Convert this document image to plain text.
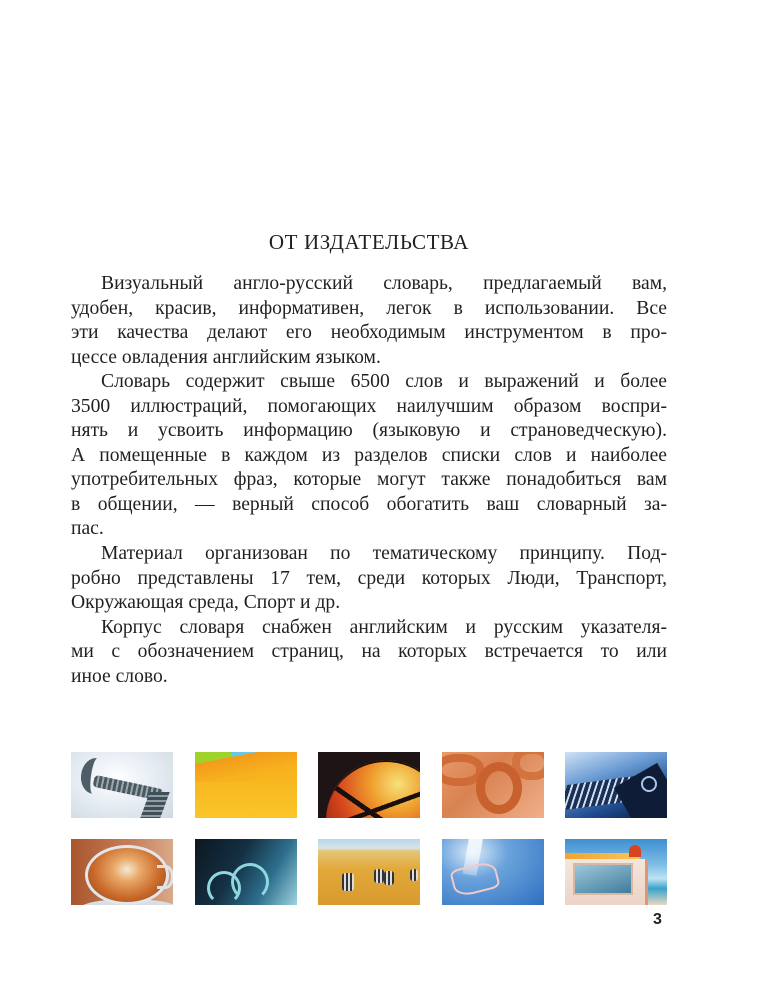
ОТ ИЗДАТЕЛЬСТВА
Визуальный англо-русский словарь, предлагаемый вам,
удобен, красив, информативен, легок в использовании. Все
эти качества делают его необходимым инструментом в про-
цессе овладения английским языком.
Словарь содержит свыше 6500 слов и выражений и более
3500 иллюстраций, помогающих наилучшим образом воспри-
нять и усвоить информацию (языковую и страноведческую).
А помещенные в каждом из разделов списки слов и наиболее
употребительных фраз, которые могут также понадобиться вам
в общении, — верный способ обогатить ваш словарный за-
пас.
Материал организован по тематическому принципу. Под-
робно представлены 17 тем, среди которых Люди, Транспорт,
Окружающая среда, Спорт и др.
Корпус словаря снабжен английским и русским указателя-
ми с обозначением страниц, на которых встречается то или
иное слово.
3
